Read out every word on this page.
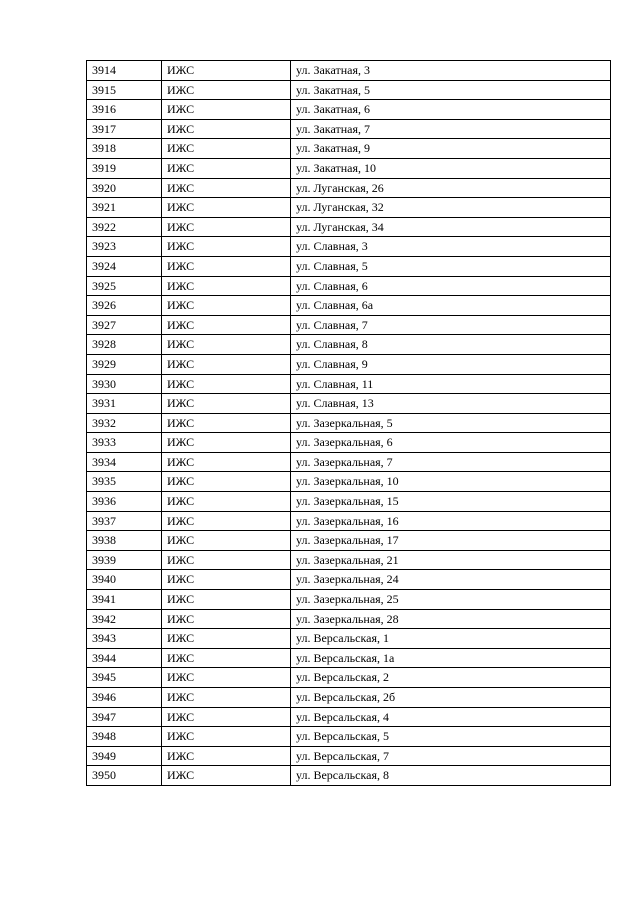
3914	ИЖС	ул. Закатная, 3
3915	ИЖС	ул. Закатная, 5
3916	ИЖС	ул. Закатная, 6
3917	ИЖС	ул. Закатная, 7
3918	ИЖС	ул. Закатная, 9
3919	ИЖС	ул. Закатная, 10
3920	ИЖС	ул. Луганская, 26
3921	ИЖС	ул. Луганская, 32
3922	ИЖС	ул. Луганская, 34
3923	ИЖС	ул. Славная, 3
3924	ИЖС	ул. Славная, 5
3925	ИЖС	ул. Славная, 6
3926	ИЖС	ул. Славная, 6а
3927	ИЖС	ул. Славная, 7
3928	ИЖС	ул. Славная, 8
3929	ИЖС	ул. Славная, 9
3930	ИЖС	ул. Славная, 11
3931	ИЖС	ул. Славная, 13
3932	ИЖС	ул. Зазеркальная, 5
3933	ИЖС	ул. Зазеркальная, 6
3934	ИЖС	ул. Зазеркальная, 7
3935	ИЖС	ул. Зазеркальная, 10
3936	ИЖС	ул. Зазеркальная, 15
3937	ИЖС	ул. Зазеркальная, 16
3938	ИЖС	ул. Зазеркальная, 17
3939	ИЖС	ул. Зазеркальная, 21
3940	ИЖС	ул. Зазеркальная, 24
3941	ИЖС	ул. Зазеркальная, 25
3942	ИЖС	ул. Зазеркальная, 28
3943	ИЖС	ул. Версальская, 1
3944	ИЖС	ул. Версальская, 1а
3945	ИЖС	ул. Версальская, 2
3946	ИЖС	ул. Версальская, 2б
3947	ИЖС	ул. Версальская, 4
3948	ИЖС	ул. Версальская, 5
3949	ИЖС	ул. Версальская, 7
3950	ИЖС	ул. Версальская, 8
